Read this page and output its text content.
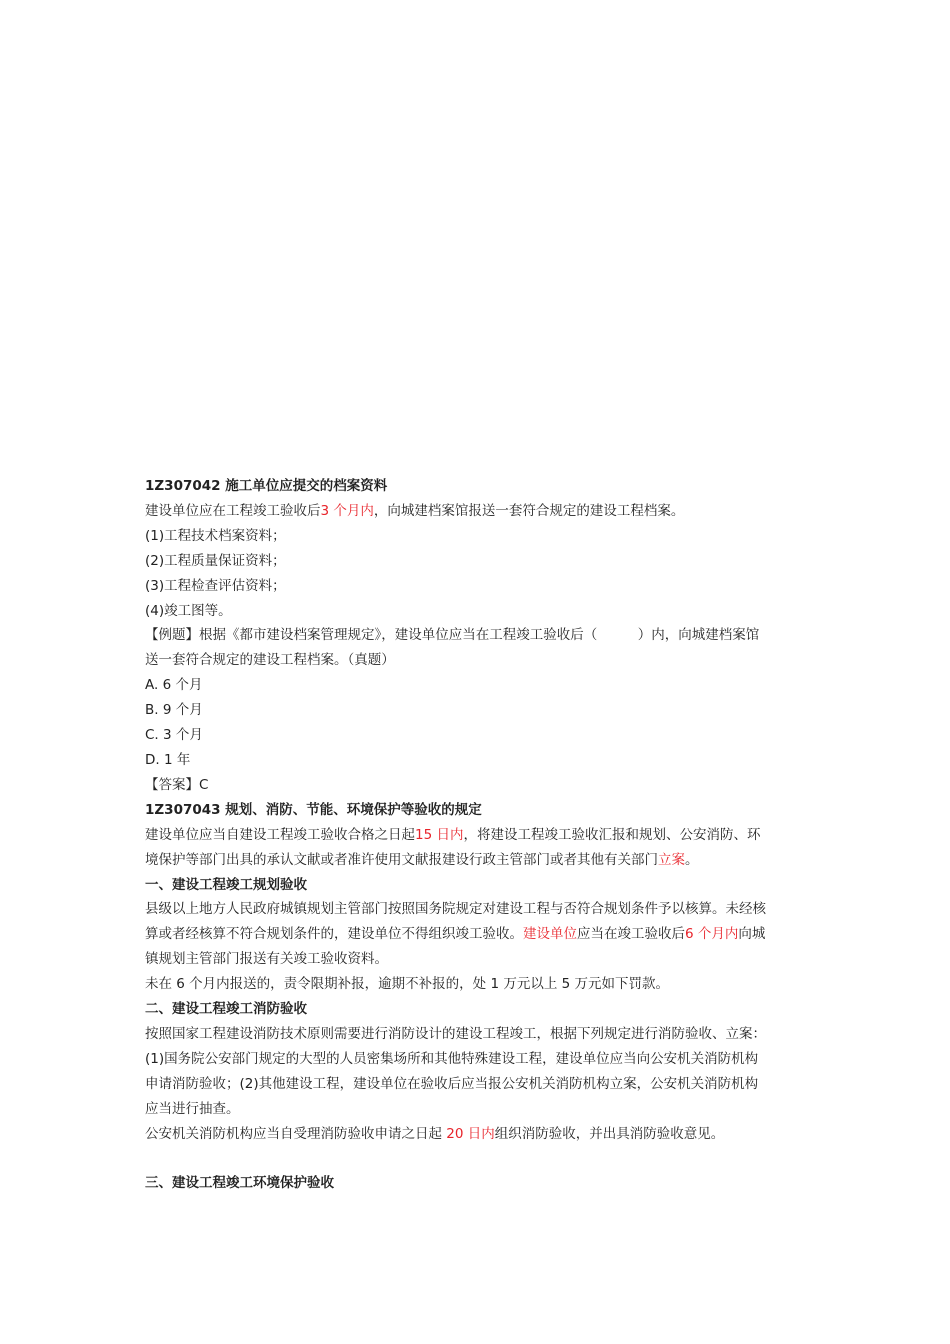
1Z307042 施工单位应提交的档案资料
建设单位应在工程竣工验收后3 个月内，向城建档案馆报送一套符合规定的建设工程档案。
(1)工程技术档案资料；
(2)工程质量保证资料；
(3)工程检查评估资料；
(4)竣工图等。
【例题】根据《都市建设档案管理规定》，建设单位应当在工程竣工验收后（　　　）内，向城建档案馆
送一套符合规定的建设工程档案。（真题）
A. 6 个月
B. 9 个月
C. 3 个月
D. 1 年
【答案】C
1Z307043 规划、消防、节能、环境保护等验收的规定
建设单位应当自建设工程竣工验收合格之日起15 日内，将建设工程竣工验收汇报和规划、公安消防、环
境保护等部门出具的承认文献或者准许使用文献报建设行政主管部门或者其他有关部门立案。
一、建设工程竣工规划验收
县级以上地方人民政府城镇规划主管部门按照国务院规定对建设工程与否符合规划条件予以核算。未经核
算或者经核算不符合规划条件的，建设单位不得组织竣工验收。建设单位应当在竣工验收后6 个月内向城
镇规划主管部门报送有关竣工验收资料。
未在 6 个月内报送的，责令限期补报，逾期不补报的，处 1 万元以上 5 万元如下罚款。
二、建设工程竣工消防验收
按照国家工程建设消防技术原则需要进行消防设计的建设工程竣工，根据下列规定进行消防验收、立案：
(1)国务院公安部门规定的大型的人员密集场所和其他特殊建设工程，建设单位应当向公安机关消防机构
申请消防验收；(2)其他建设工程，建设单位在验收后应当报公安机关消防机构立案，公安机关消防机构
应当进行抽查。
公安机关消防机构应当自受理消防验收申请之日起 20 日内组织消防验收，并出具消防验收意见。
三、建设工程竣工环境保护验收
